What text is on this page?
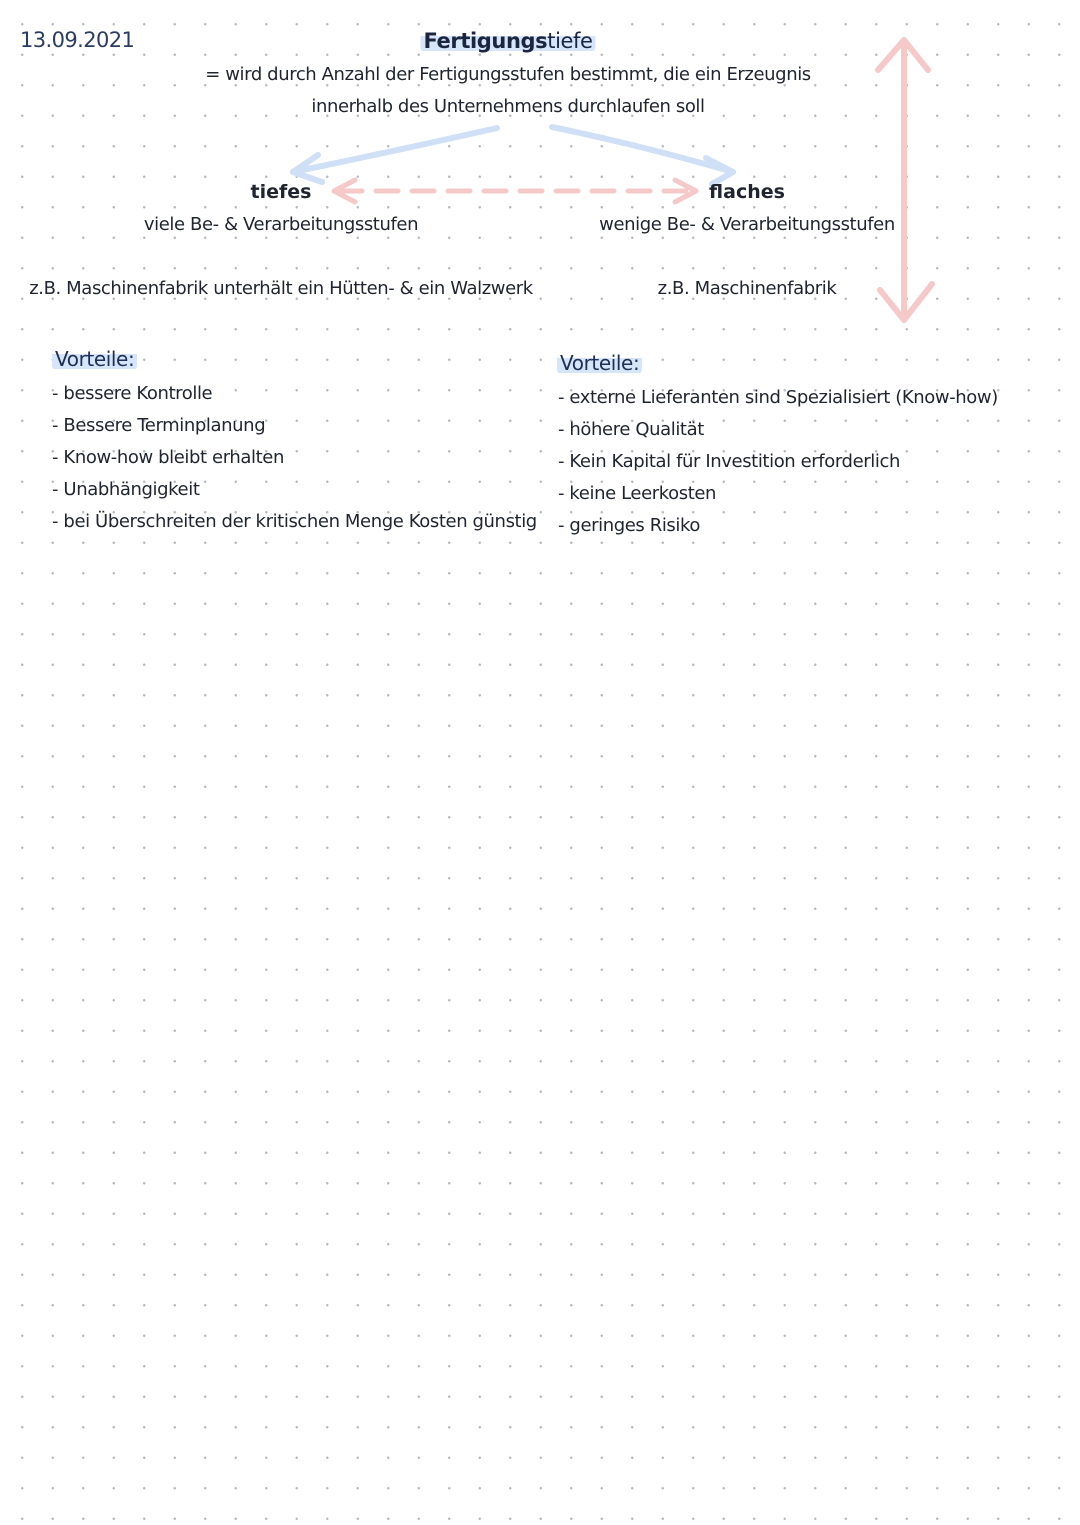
13.09.2021	Fertigungstiefe
= wird durch Anzahl der Fertigungsstufen bestimmt, die ein Erzeugnis
innerhalb des Unternehmens durchlaufen soll
tiefes
viele Be- & Verarbeitungsstufen
z.B. Maschinenfabrik unterhält ein Hütten- & ein Walzwerk
Vorteile:
- bessere Kontrolle
- Bessere Terminplanung
- Know-how bleibt erhalten
- Unabhängigkeit
- bei Überschreiten der kritischen Menge Kosten günstig
flaches
wenige Be- & Verarbeitungsstufen
z.B. Maschinenfabrik
Vorteile:
- externe Lieferanten sind Spezialisiert (Know-how)
- höhere Qualität
- Kein Kapital für Investition erforderlich
- keine Leerkosten
- geringes Risiko
